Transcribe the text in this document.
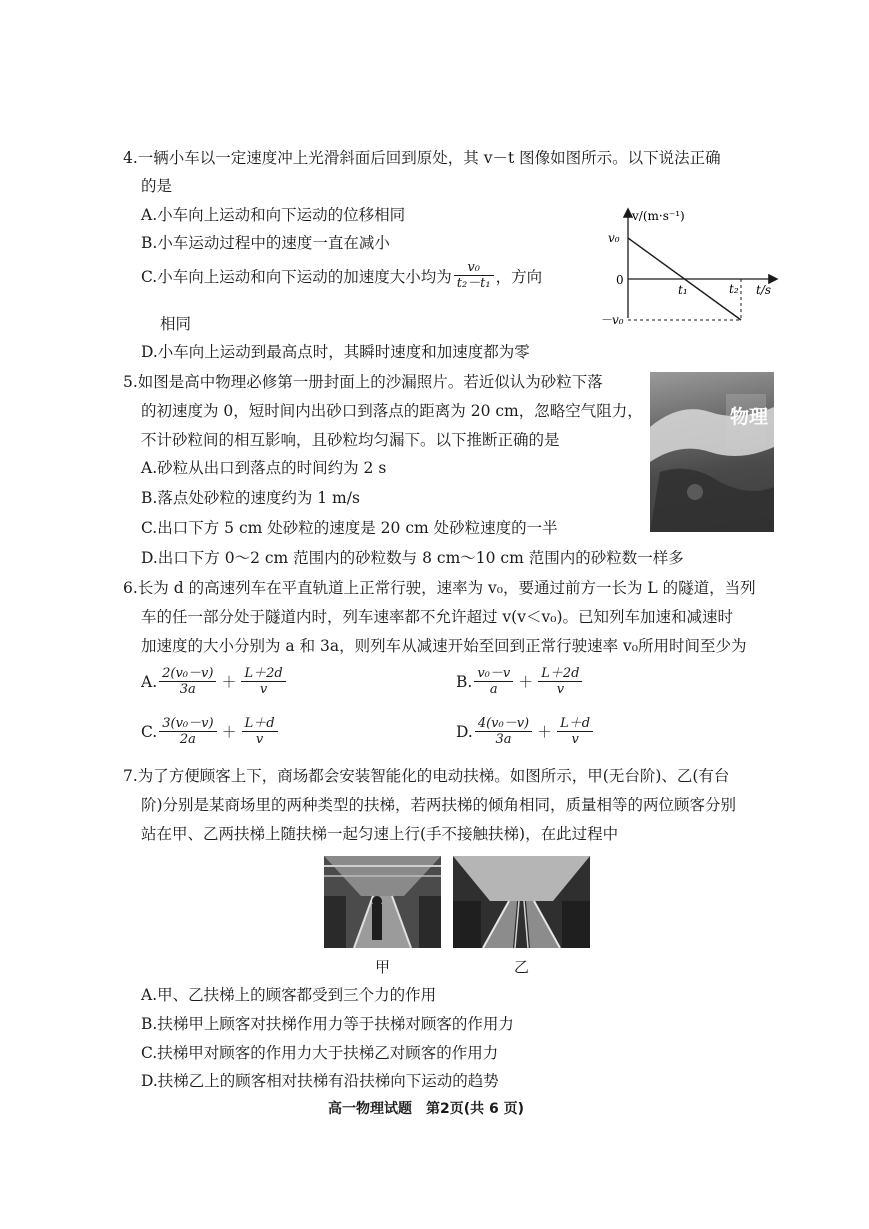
4.一辆小车以一定速度冲上光滑斜面后回到原处，其 v－t 图像如图所示。以下说法正确
的是
A.小车向上运动和向下运动的位移相同
B.小车运动过程中的速度一直在减小
C.小车向上运动和向下运动的加速度大小均为 $\frac{\text{v₀}}{\text{t₂－t₁}}$ ，方向
相同
D.小车向上运动到最高点时，其瞬时速度和加速度都为零
v/(m·s⁻¹)
t/s
v₀
0
－v₀
t₁	t₂
5.如图是高中物理必修第一册封面上的沙漏照片。若近似认为砂粒下落
的初速度为 0，短时间内出砂口到落点的距离为 20 cm，忽略空气阻力，
不计砂粒间的相互影响，且砂粒均匀漏下。以下推断正确的是
A.砂粒从出口到落点的时间约为 2 s
B.落点处砂粒的速度约为 1 m/s
C.出口下方 5 cm 处砂粒的速度是 20 cm 处砂粒速度的一半
D.出口下方 0～2 cm 范围内的砂粒数与 8 cm～10 cm 范围内的砂粒数一样多
物理
6.长为 d 的高速列车在平直轨道上正常行驶，速率为 v₀，要通过前方一长为 L 的隧道，当列
车的任一部分处于隧道内时，列车速率都不允许超过 v(v＜v₀)。已知列车加速和减速时
加速度的大小分别为 a 和 3a，则列车从减速开始至回到正常行驶速率 v₀所用时间至少为
A. $\frac{\text{2(v₀－v)}}{3a} + \frac{L+2d}{v}$	B. $\frac{\text{v₀－v}}{a} + \frac{L+2d}{v}$
C. $\frac{\text{3(v₀－v)}}{2a} + \frac{L+d}{v}$	D. $\frac{\text{4(v₀－v)}}{3a} + \frac{L+d}{v}$
7.为了方便顾客上下，商场都会安装智能化的电动扶梯。如图所示，甲(无台阶)、乙(有台
阶)分别是某商场里的两种类型的扶梯，若两扶梯的倾角相同，质量相等的两位顾客分别
站在甲、乙两扶梯上随扶梯一起匀速上行(手不接触扶梯)，在此过程中
甲	乙
A.甲、乙扶梯上的顾客都受到三个力的作用
B.扶梯甲上顾客对扶梯作用力等于扶梯对顾客的作用力
C.扶梯甲对顾客的作用力大于扶梯乙对顾客的作用力
D.扶梯乙上的顾客相对扶梯有沿扶梯向下运动的趋势
高一物理试题　第2页(共 6 页)
